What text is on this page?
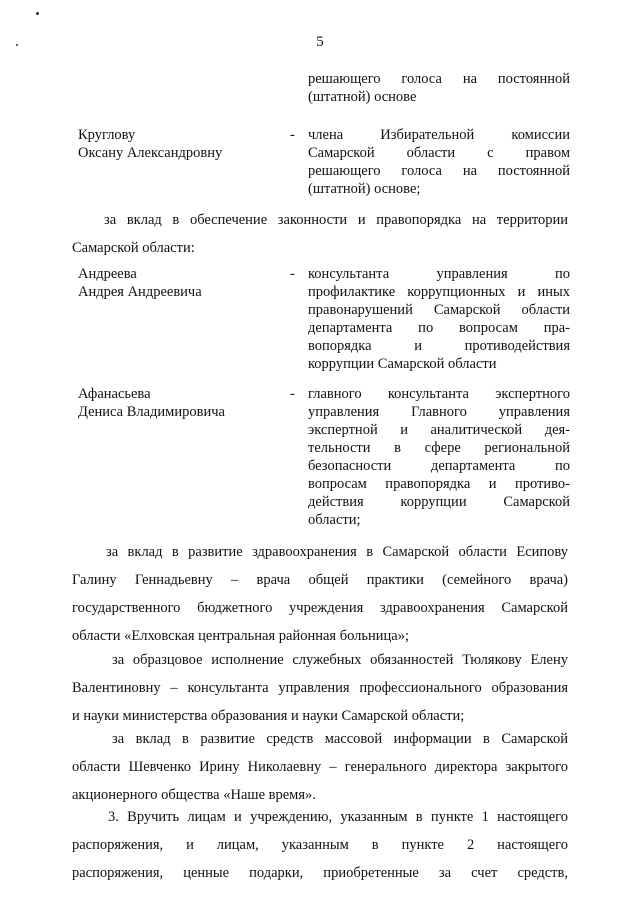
5
решающего голоса на постоянной
(штатной) основе
Круглову
Оксану Александровну
- члена Избирательной комиссии
Самарской области с правом
решающего голоса на постоянной
(штатной) основе;
за вклад в обеспечение законности и правопорядка на территории
Самарской области:
Андреева
Андрея Андреевича
- консультанта управления по
профилактике коррупционных и иных
правонарушений Самарской области
департамента по вопросам пра-
вопорядка и противодействия
коррупции Самарской области
Афанасьева
Дениса Владимировича
- главного консультанта экспертного
управления Главного управления
экспертной и аналитической дея-
тельности в сфере региональной
безопасности департамента по
вопросам правопорядка и противо-
действия коррупции Самарской
области;
за вклад в развитие здравоохранения в Самарской области Есипову
Галину Геннадьевну – врача общей практики (семейного врача)
государственного бюджетного учреждения здравоохранения Самарской
области «Елховская центральная районная больница»;
за образцовое исполнение служебных обязанностей Тюлякову Елену
Валентиновну – консультанта управления профессионального образования
и науки министерства образования и науки Самарской области;
за вклад в развитие средств массовой информации в Самарской
области Шевченко Ирину Николаевну – генерального директора закрытого
акционерного общества «Наше время».
3. Вручить лицам и учреждению, указанным в пункте 1 настоящего
распоряжения, и лицам, указанным в пункте 2 настоящего
распоряжения, ценные подарки, приобретенные за счет средств,
